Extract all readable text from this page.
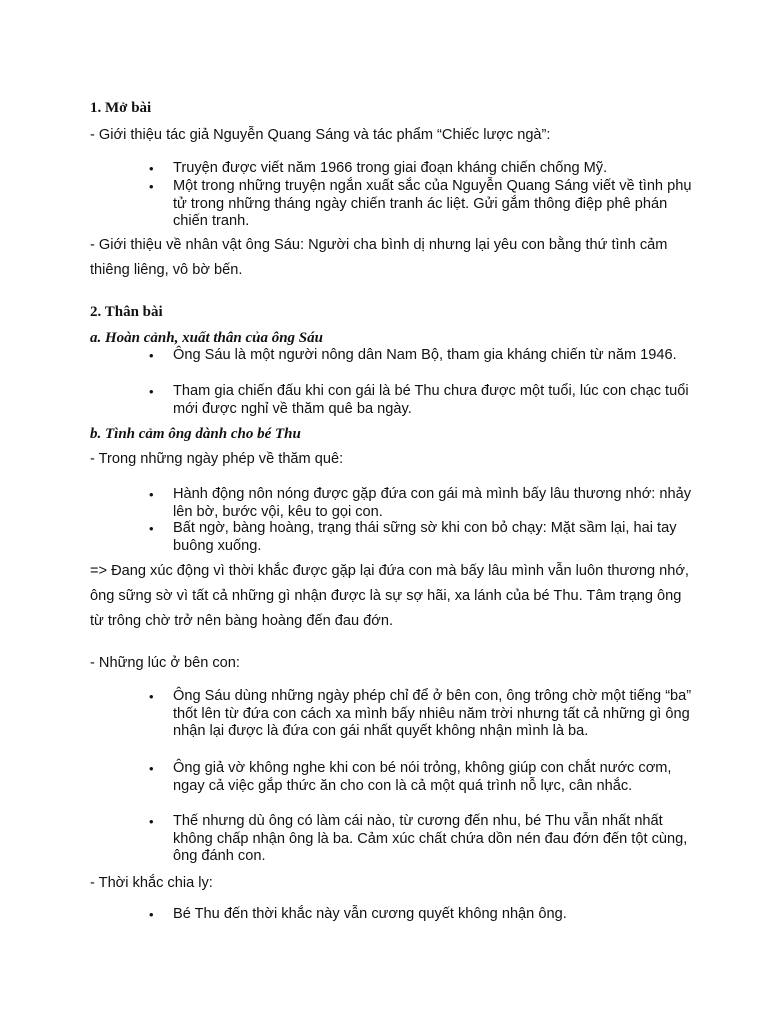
1. Mở bài
- Giới thiệu tác giả Nguyễn Quang Sáng và tác phẩm “Chiếc lược ngà”:
• Truyện được viết năm 1966 trong giai đoạn kháng chiến chống Mỹ.
• Một trong những truyện ngắn xuất sắc của Nguyễn Quang Sáng viết về tình phụ tử trong những tháng ngày chiến tranh ác liệt. Gửi gắm thông điệp phê phán chiến tranh.
- Giới thiệu về nhân vật ông Sáu: Người cha bình dị nhưng lại yêu con bằng thứ tình cảm thiêng liêng, vô bờ bến.
2. Thân bài
a. Hoàn cảnh, xuất thân của ông Sáu
• Ông Sáu là một người nông dân Nam Bộ, tham gia kháng chiến từ năm 1946.
• Tham gia chiến đấu khi con gái là bé Thu chưa được một tuổi, lúc con chạc tuổi mới được nghỉ về thăm quê ba ngày.
b. Tình cảm ông dành cho bé Thu
- Trong những ngày phép về thăm quê:
• Hành động nôn nóng được gặp đứa con gái mà mình bấy lâu thương nhớ: nhảy lên bờ, bước vội, kêu to gọi con.
• Bất ngờ, bàng hoàng, trạng thái sững sờ khi con bỏ chạy: Mặt sầm lại, hai tay buông xuống.
=> Đang xúc động vì thời khắc được gặp lại đứa con mà bấy lâu mình vẫn luôn thương nhớ, ông sững sờ vì tất cả những gì nhận được là sự sợ hãi, xa lánh của bé Thu. Tâm trạng ông từ trông chờ trở nên bàng hoàng đến đau đớn.
- Những lúc ở bên con:
• Ông Sáu dùng những ngày phép chỉ để ở bên con, ông trông chờ một tiếng “ba” thốt lên từ đứa con cách xa mình bấy nhiêu năm trời nhưng tất cả những gì ông nhận lại được là đứa con gái nhất quyết không nhận mình là ba.
• Ông giả vờ không nghe khi con bé nói trỏng, không giúp con chắt nước cơm, ngay cả việc gắp thức ăn cho con là cả một quá trình nỗ lực, cân nhắc.
• Thế nhưng dù ông có làm cái nào, từ cương đến nhu, bé Thu vẫn nhất nhất không chấp nhận ông là ba. Cảm xúc chất chứa dồn nén đau đớn đến tột cùng, ông đánh con.
- Thời khắc chia ly:
• Bé Thu đến thời khắc này vẫn cương quyết không nhận ông.
